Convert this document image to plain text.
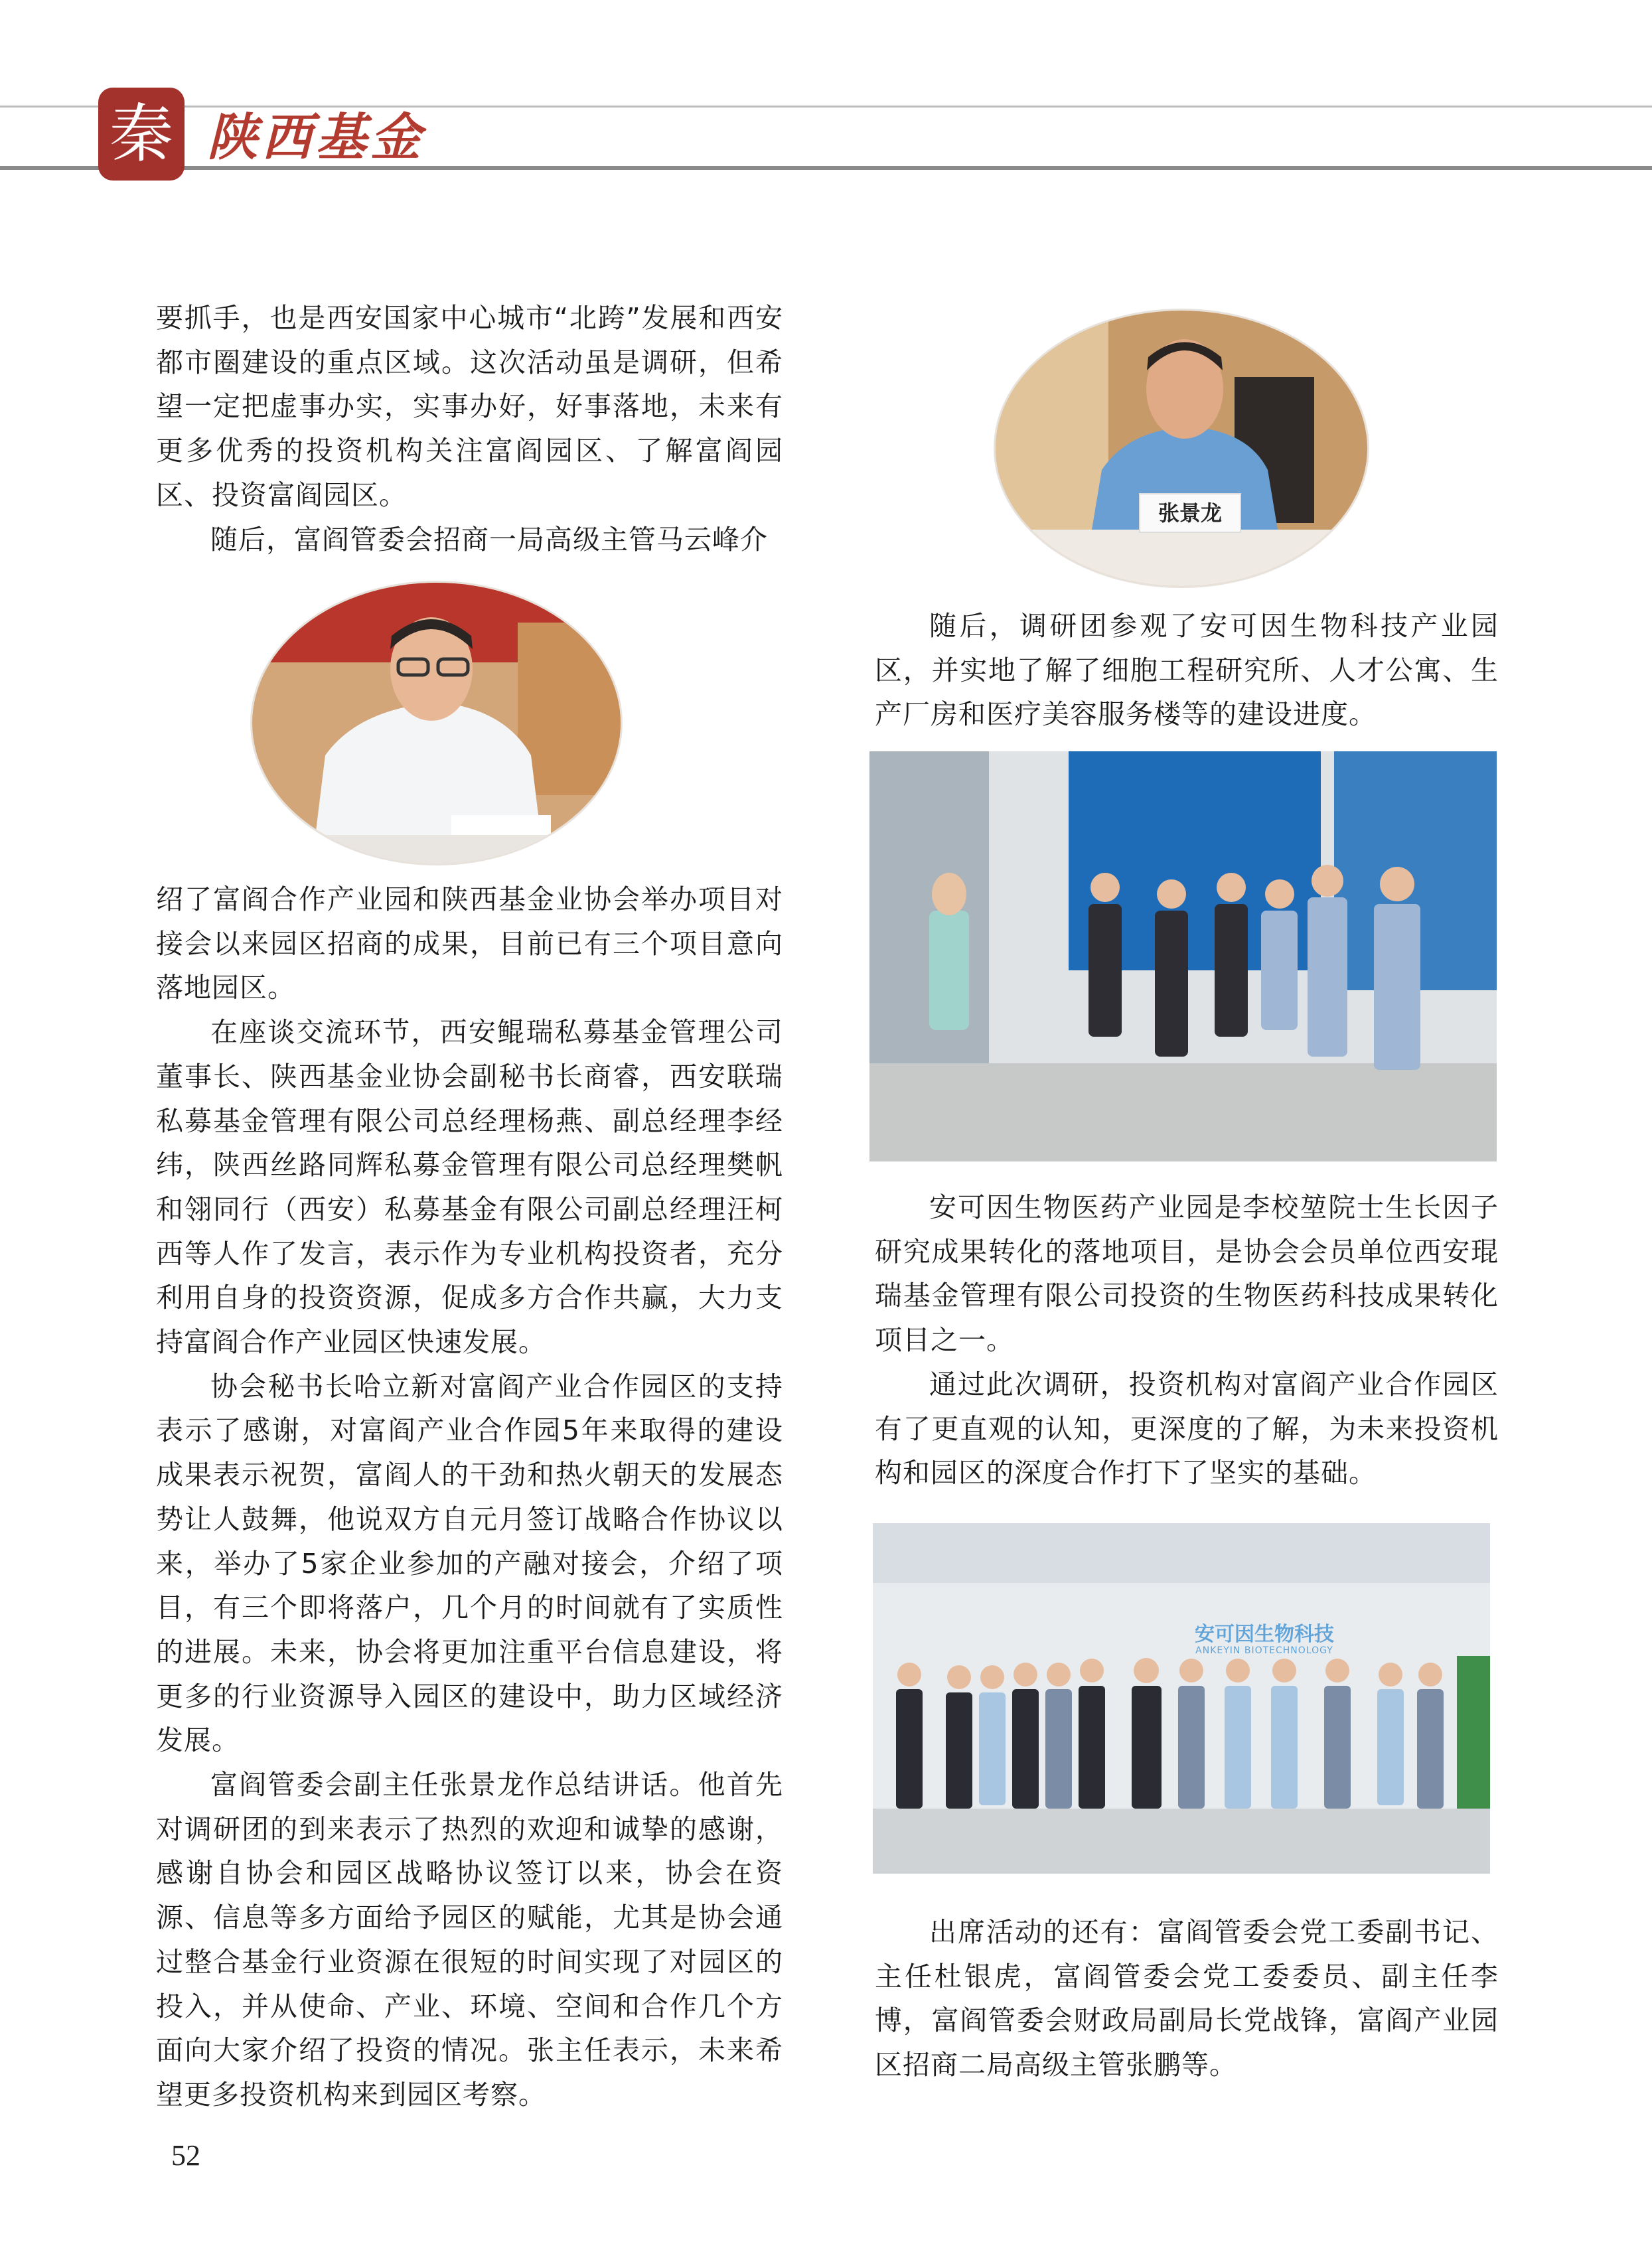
秦 陕西基金

要抓手，也是西安国家中心城市“北跨”发展和西安都市圈建设的重点区域。这次活动虽是调研，但希望一定把虚事办实，实事办好，好事落地，未来有更多优秀的投资机构关注富阎园区、了解富阎园区、投资富阎园区。

随后，富阎管委会招商一局高级主管马云峰介

绍了富阎合作产业园和陕西基金业协会举办项目对接会以来园区招商的成果，目前已有三个项目意向落地园区。

在座谈交流环节，西安鲲瑞私募基金管理公司董事长、陕西基金业协会副秘书长商睿，西安联瑞私募基金管理有限公司总经理杨燕、副总经理李经纬，陕西丝路同辉私募金管理有限公司总经理樊帆和翎同行（西安）私募基金有限公司副总经理汪柯西等人作了发言，表示作为专业机构投资者，充分利用自身的投资资源，促成多方合作共赢，大力支持富阎合作产业园区快速发展。

协会秘书长哈立新对富阎产业合作园区的支持表示了感谢，对富阎产业合作园5年来取得的建设成果表示祝贺，富阎人的干劲和热火朝天的发展态势让人鼓舞，他说双方自元月签订战略合作协议以来，举办了5家企业参加的产融对接会，介绍了项目，有三个即将落户，几个月的时间就有了实质性的进展。未来，协会将更加注重平台信息建设，将更多的行业资源导入园区的建设中，助力区域经济发展。

富阎管委会副主任张景龙作总结讲话。他首先对调研团的到来表示了热烈的欢迎和诚挚的感谢，感谢自协会和园区战略协议签订以来，协会在资源、信息等多方面给予园区的赋能，尤其是协会通过整合基金行业资源在很短的时间实现了对园区的投入，并从使命、产业、环境、空间和合作几个方面向大家介绍了投资的情况。张主任表示，未来希望更多投资机构来到园区考察。

张景龙

随后，调研团参观了安可因生物科技产业园区，并实地了解了细胞工程研究所、人才公寓、生产厂房和医疗美容服务楼等的建设进度。

安可因生物医药产业园是李校堃院士生长因子研究成果转化的落地项目，是协会会员单位西安琨瑞基金管理有限公司投资的生物医药科技成果转化项目之一。

通过此次调研，投资机构对富阎产业合作园区有了更直观的认知，更深度的了解，为未来投资机构和园区的深度合作打下了坚实的基础。

安可因生物科技
ANKEYIN BIOTECHNOLOGY

出席活动的还有：富阎管委会党工委副书记、主任杜银虎，富阎管委会党工委委员、副主任李博，富阎管委会财政局副局长党战锋，富阎产业园区招商二局高级主管张鹏等。

52
